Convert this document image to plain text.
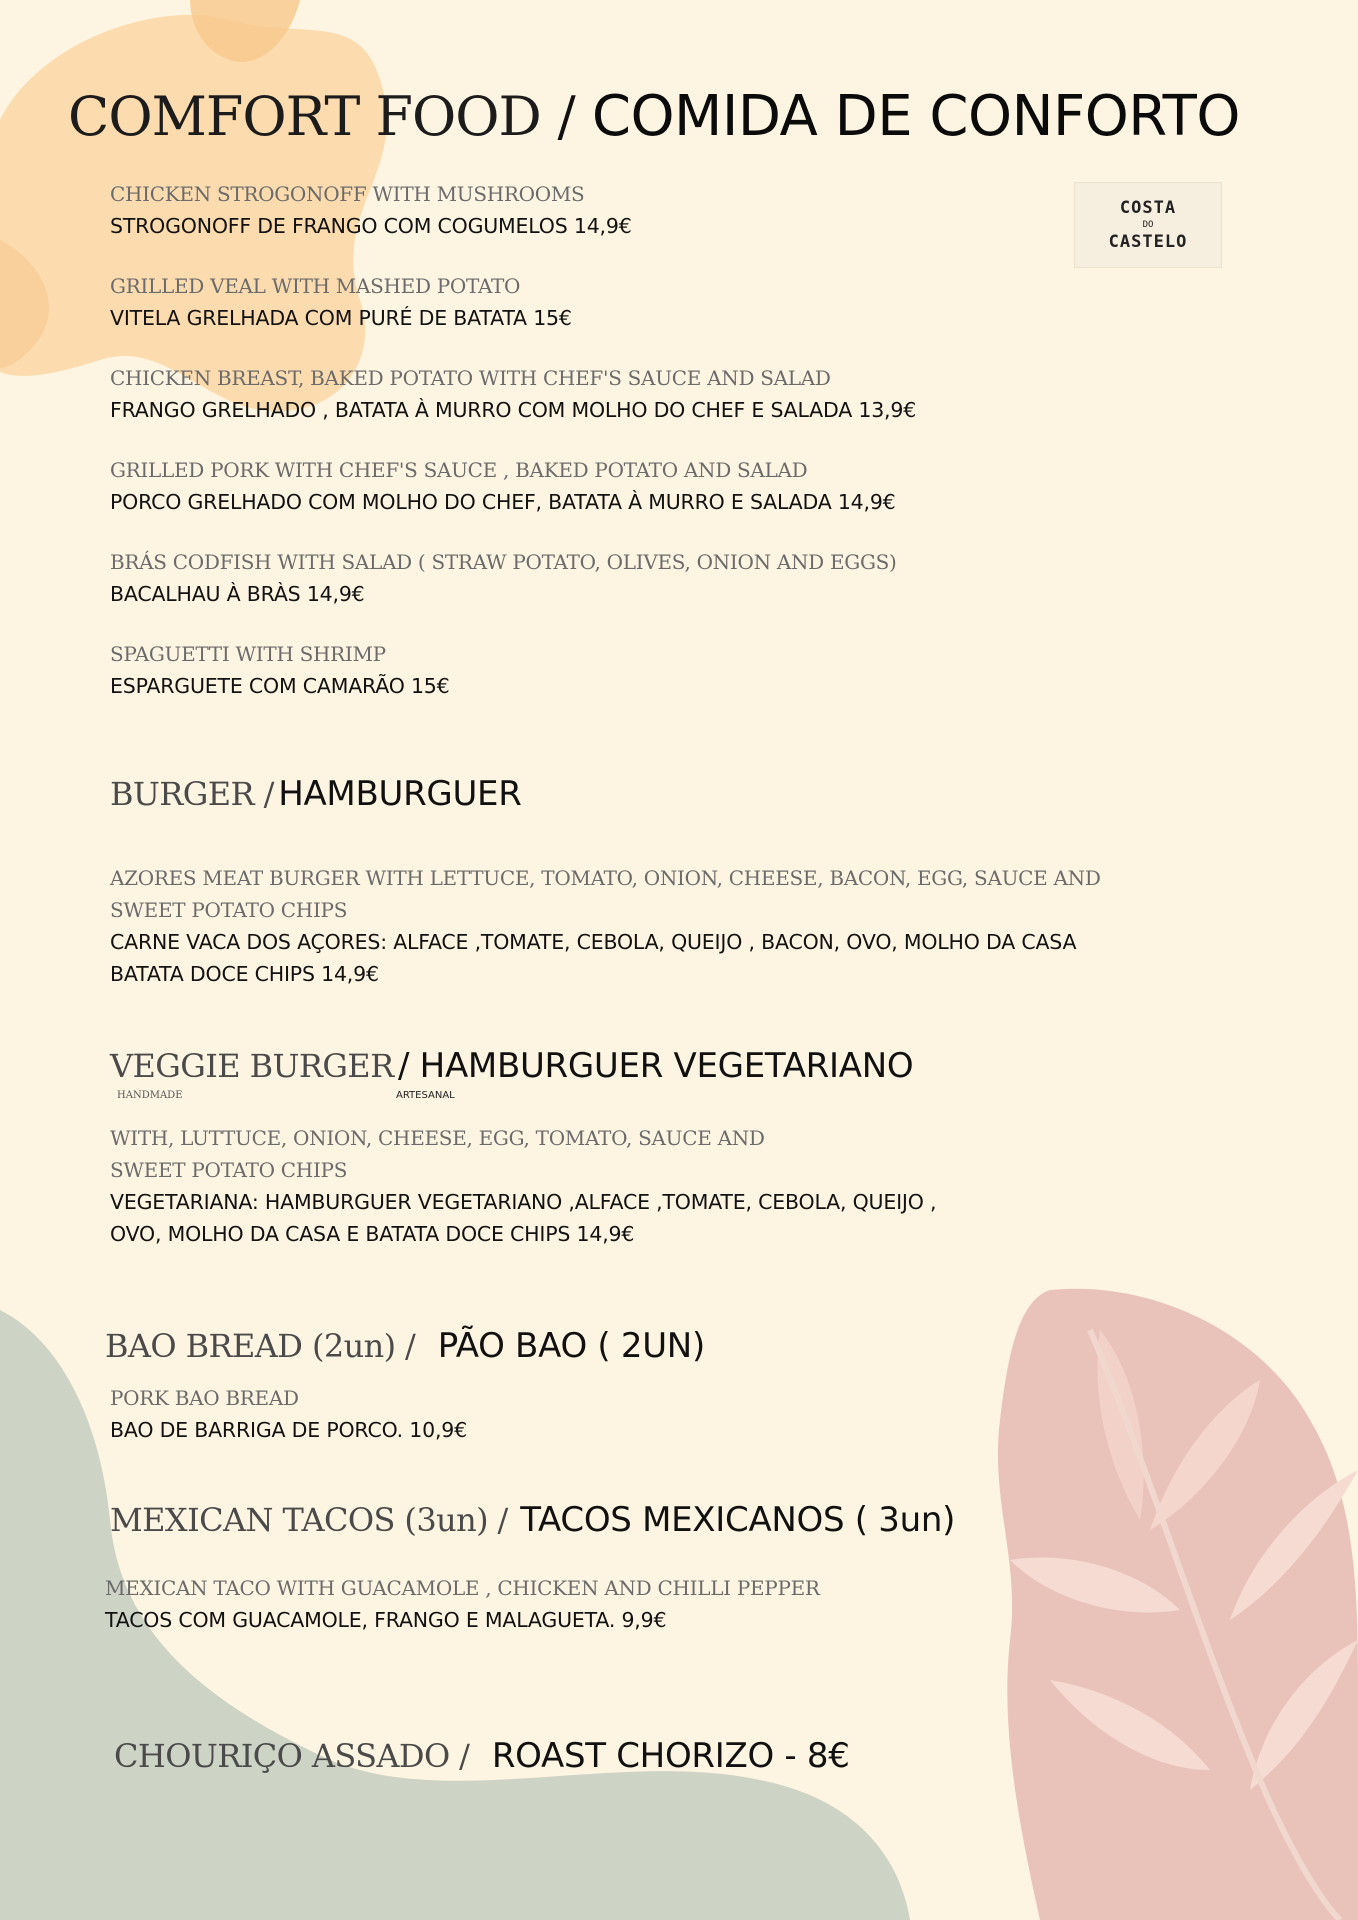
COMFORT FOOD / COMIDA DE CONFORTO
COSTA
DO
CASTELO
CHICKEN STROGONOFF WITH MUSHROOMS
STROGONOFF DE FRANGO COM COGUMELOS 14,9€
GRILLED VEAL WITH MASHED POTATO
VITELA GRELHADA COM PURÉ DE BATATA 15€
CHICKEN BREAST, BAKED POTATO WITH CHEF'S SAUCE AND SALAD
FRANGO GRELHADO , BATATA À MURRO COM MOLHO DO CHEF E SALADA 13,9€
GRILLED PORK WITH CHEF'S SAUCE , BAKED POTATO AND SALAD
PORCO GRELHADO COM MOLHO DO CHEF, BATATA À MURRO E SALADA 14,9€
BRÁS CODFISH WITH SALAD ( STRAW POTATO, OLIVES, ONION AND EGGS)
BACALHAU À BRÀS 14,9€
SPAGUETTI WITH SHRIMP
ESPARGUETE COM CAMARÃO 15€
BURGER / HAMBURGUER
AZORES MEAT BURGER WITH LETTUCE, TOMATO, ONION, CHEESE, BACON, EGG, SAUCE AND
SWEET POTATO CHIPS
CARNE VACA DOS AÇORES: ALFACE ,TOMATE, CEBOLA, QUEIJO , BACON, OVO, MOLHO DA CASA
BATATA DOCE CHIPS 14,9€
VEGGIE BURGER / HAMBURGUER VEGETARIANO
HANDMADE	ARTESANAL
WITH, LUTTUCE, ONION, CHEESE, EGG, TOMATO, SAUCE AND
SWEET POTATO CHIPS
VEGETARIANA: HAMBURGUER VEGETARIANO ,ALFACE ,TOMATE, CEBOLA, QUEIJO ,
OVO, MOLHO DA CASA E BATATA DOCE CHIPS 14,9€
BAO BREAD (2un) / PÃO BAO ( 2UN)
PORK BAO BREAD
BAO DE BARRIGA DE PORCO. 10,9€
MEXICAN TACOS (3un) / TACOS MEXICANOS ( 3un)
MEXICAN TACO WITH GUACAMOLE , CHICKEN AND CHILLI PEPPER
TACOS COM GUACAMOLE, FRANGO E MALAGUETA. 9,9€
CHOURIÇO ASSADO / ROAST CHORIZO - 8€
